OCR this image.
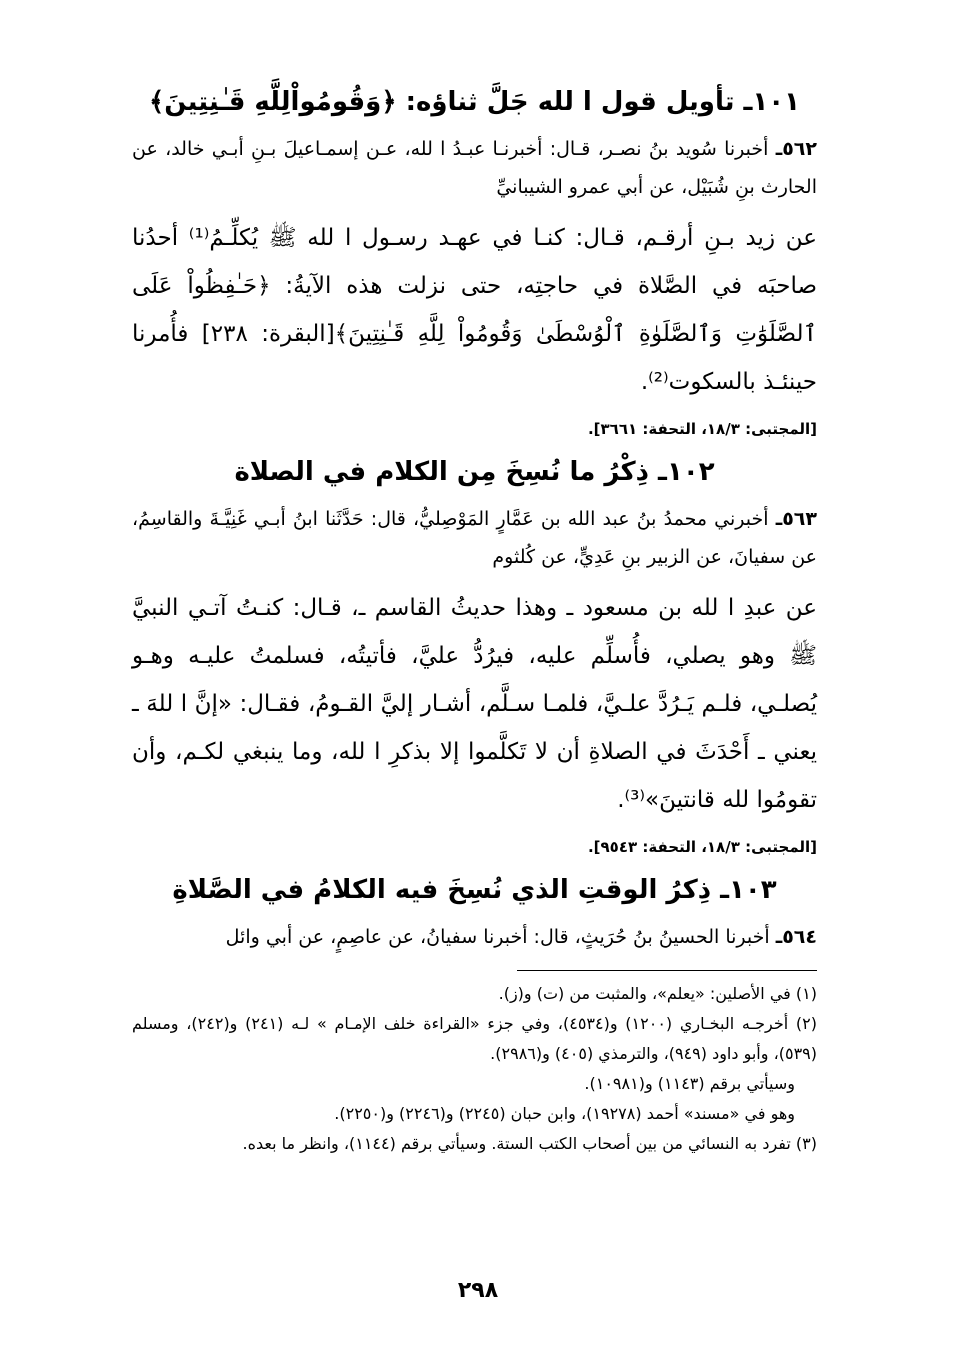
١٠١ـ تأويل قول ا لله جَلَّ ثناؤه: ﴿وَقُومُواْلِلَّهِ قَـٰنِتِينَ﴾

٥٦٢ـ أخبرنا سُويد بنُ نصـر، قـال: أخبرنـا عبـدُ ا لله، عـن إسمـاعيلَ بـنِ أبـي خالد، عن الحارث بنِ شُبَيْل، عن أبي عمرو الشيبانيِّ

عن زيد بـنِ أرقـم، قـال: كنـا في عهـد رسـول ا لله ﷺ يُكلِّـمُ⁽¹⁾ أحدُنا صاحبَه في الصَّلاة في حاجتِه، حتى نزلت هذه الآيةُ: ﴿حَـٰفِظُواْ عَلَى ٱلصَّلَوَٰتِ وَٱلصَّلَوٰةِ ٱلْوُسْطَىٰ وَقُومُواْ لِلَّهِ قَـٰنِتِينَ﴾[البقرة: ٢٣٨] فأُمرنا حينئـذ بالسكوت⁽²⁾.

[المجتبى: ١٨/٣، التحفة: ٣٦٦١].
١٠٢ـ ذِكْرُ ما نُسِخَ مِن الكلام في الصلاة

٥٦٣ـ أخبرني محمدُ بنُ عبد الله بن عَمَّارٍ المَوْصِليُّ، قال: حَدَّثَنا ابنُ أبـي غَنِيَّـةَ والقاسِمُ، عن سفيانَ، عن الزبير بنِ عَدِيٍّ، عن كُلثوم

عن عبدِ ا لله بن مسعود ـ وهذا حديثُ القاسم ـ، قـال: كنـتُ آتـي النبيَّ ﷺ وهو يصلي، فأُسلِّم عليه، فيرُدُّ عليَّ، فأتيتُه، فسلمتُ عليـه وهـو يُصلـي، فلـم يَـرُدَّ علـيَّ، فلمـا سـلَّم، أشـار إليَّ القـومُ، فقـال: «إنَّ ا للهَ ـ يعني ـ أَحْدَثَ في الصلاةِ أن لا تَكلَّموا إلا بذكرِ ا لله، وما ينبغي لكـم، وأن تقومُوا لله قانتينَ»⁽³⁾.

[المجتبى: ١٨/٣، التحفة: ٩٥٤٣].
١٠٣ـ ذِكرُ الوقتِ الذي نُسِخَ فيه الكلامُ في الصَّلاةِ

٥٦٤ـ أخبرنا الحسينُ بنُ حُرَيثٍ، قال: أخبرنا سفيانُ، عن عاصِمٍ، عن أبي وائل

(١) في الأصلين: «يعلم»، والمثبت من (ت) و(ز).

(٢) أخرجـه البخـاري (١٢٠٠) و(٤٥٣٤)، وفي جزء «القراءة خلف الإمـام » لـه (٢٤١) و(٢٤٢)، ومسلم (٥٣٩)، وأبو داود (٩٤٩)، والترمذي (٤٠٥) و(٢٩٨٦).

وسيأتي برقم (١١٤٣) و(١٠٩٨١).

وهو في «مسند» أحمد (١٩٢٧٨)، وابن حبان (٢٢٤٥) و(٢٢٤٦) و(٢٢٥٠).

(٣) تفرد به النسائي من بين أصحاب الكتب الستة. وسيأتي برقم (١١٤٤)، وانظر ما بعده.

٢٩٨
